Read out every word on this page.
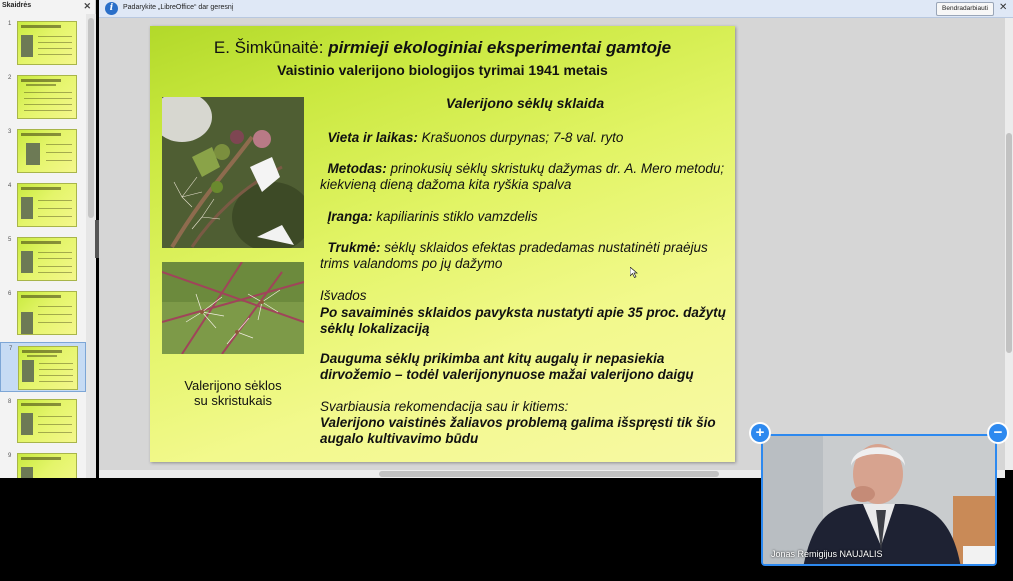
Skaidrės	✕
1
2
3
4
5
6
7
8
9
i	Padarykite „LibreOffice“ dar geresnį	Bendradarbiauti	✕
E. Šimkūnaitė: pirmieji ekologiniai eksperimentai gamtoje
Vaistinio valerijono biologijos tyrimai 1941 metais
Valerijono sėklos
su skristukais
Valerijono sėklų sklaida
Vieta ir laikas: Krašuonos durpynas; 7-8 val. ryto
Metodas: prinokusių sėklų skristukų dažymas dr. A. Mero metodu; kiekvieną dieną dažoma kita ryškia spalva
Įranga: kapiliarinis stiklo vamzdelis
Trukmė: sėklų sklaidos efektas pradedamas nustatinėti praėjus trims valandoms po jų dažymo
Išvados
Po savaiminės sklaidos pavyksta nustatyti apie 35 proc. dažytų sėklų lokalizaciją
Dauguma sėklų prikimba ant kitų augalų ir nepasiekia dirvožemio – todėl valerijonynuose mažai valerijono daigų
Svarbiausia rekomendacija sau ir kitiems:
Valerijono vaistinės žaliavos problemą galima išspręsti tik šio augalo kultivavimo būdu
Jonas Remigijus NAUJALIS
+	−
